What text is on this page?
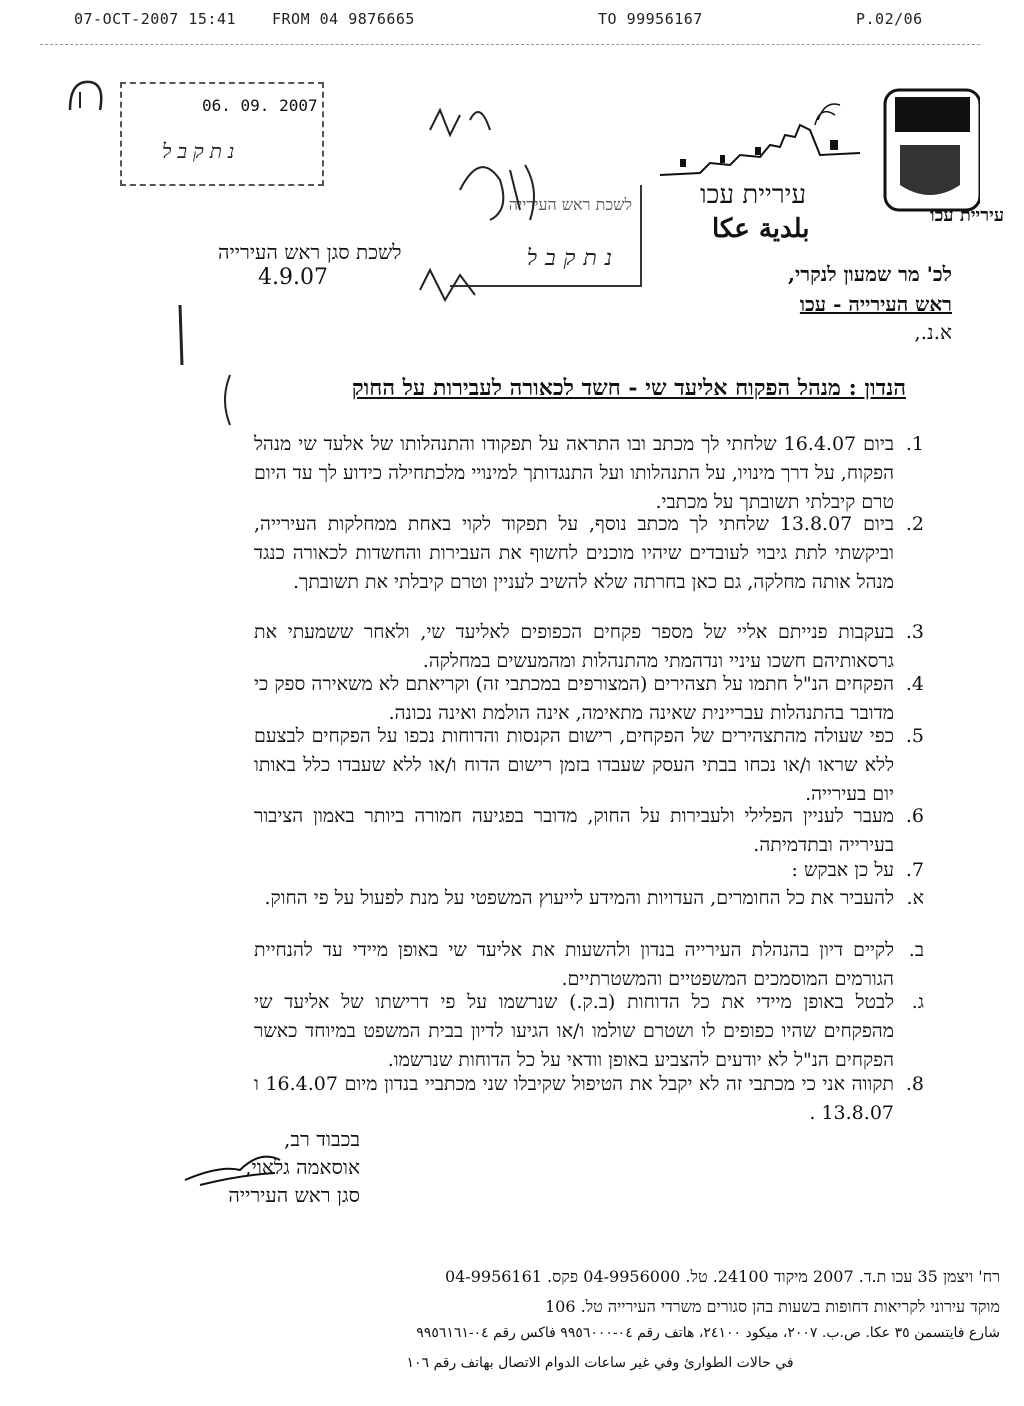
07-OCT-2007 15:41 FROM 04 9876665	TO 99956167	P.02/06
06. 09. 2007
נתקבל
לשכת ראש העירייה
נתקבל
עיריית עכו
بلدية عكا	עיריית עכו
לשכת סגן ראש העירייה
4.9.07	לכ' מר שמעון לנקרי,
ראש העירייה - עכו
א.נ.,
הנדון : מנהל הפקוח אליעד שי - חשד לכאורה לעבירות על החוק
1.
ביום 16.4.07 שלחתי לך מכתב ובו התראה על תפקודו והתנהלותו של אלעד שי מנהל הפקוח, על דרך מינויו, על התנהלותו ועל התנגדותך למינויי מלכתחילה כידוע לך עד היום טרם קיבלתי תשובתך על מכתבי.
2.
ביום 13.8.07 שלחתי לך מכתב נוסף, על תפקוד לקוי באחת ממחלקות העירייה, וביקשתי לתת גיבוי לעובדים שיהיו מוכנים לחשוף את העבירות והחשדות לכאורה כנגד מנהל אותה מחלקה, גם כאן בחרתה שלא להשיב לעניין וטרם קיבלתי את תשובתך.
3.
בעקבות פנייתם אליי של מספר פקחים הכפופים לאליעד שי, ולאחר ששמעתי את גרסאותיהם חשכו עיניי ונדהמתי מהתנהלות ומהמעשים במחלקה.
4.
הפקחים הנ"ל חתמו על תצהירים (המצורפים במכתבי זה) וקריאתם לא משאירה ספק כי מדובר בהתנהלות עבריינית שאינה מתאימה, אינה הולמת ואינה נכונה.
5.
כפי שעולה מהתצהירים של הפקחים, רישום הקנסות והדוחות נכפו על הפקחים לבצעם ללא שראו ו/או נכחו בבתי העסק שעבדו בזמן רישום הדוח ו/או ללא שעבדו כלל באותו יום בעירייה.
6.
מעבר לעניין הפלילי ולעבירות על החוק, מדובר בפגיעה חמורה ביותר באמון הציבור בעירייה ובתדמיתה.
7.
על כן אבקש :
א.
להעביר את כל החומרים, העדויות והמידע לייעוץ המשפטי על מנת לפעול על פי החוק.
ב.
לקיים דיון בהנהלת העירייה בנדון ולהשעות את אליעד שי באופן מיידי עד להנחיית הגורמים המוסמכים המשפטיים והמשטרתיים.
ג.
לבטל באופן מיידי את כל הדוחות (ב.ק.) שנרשמו על פי דרישתו של אליעד שי מהפקחים שהיו כפופים לו ושטרם שולמו ו/או הגיעו לדיון בבית המשפט במיוחד כאשר הפקחים הנ"ל לא יודעים להצביע באופן וודאי על כל הדוחות שנרשמו.
8.
תקווה אני כי מכתבי זה לא יקבל את הטיפול שקיבלו שני מכתביי בנדון מיום 16.4.07 ו 13.8.07 .
בכבוד רב,
אוסאמה גלאוי,
סגן ראש העירייה
רח' ויצמן 35 עכו ת.ד. 2007 מיקוד 24100. טל. 04-9956000 פקס. 04-9956161
מוקד עירוני לקריאות דחופות בשעות בהן סגורים משרדי העירייה טל. 106
شارع فايتسمن ٣٥ عكا. ص.ب. ٢٠٠٧، ميكود ٢٤١٠٠، هاتف رقم ٠٤-٩٩٥٦٠٠٠ فاكس رقم ٠٤-٩٩٥٦١٦١
في حالات الطوارئ وفي غير ساعات الدوام الاتصال بهاتف رقم ١٠٦
